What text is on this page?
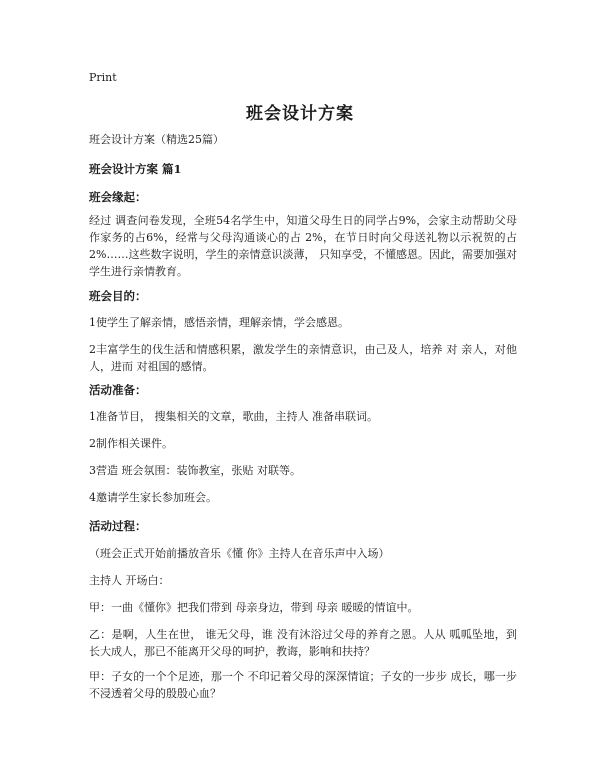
Print
班会设计方案
班会设计方案（精选25篇）
班会设计方案 篇1
班会缘起：
经过 调查问卷发现，全班54名学生中，知道父母生日的同学占9%，会家主动帮助父母作家务的占6%，经常与父母沟通谈心的占 2%，在节日时向父母送礼物以示祝贺的占 2%……这些数字说明，学生的亲情意识淡薄， 只知享受，不懂感恩。因此，需要加强对学生进行亲情教育。
班会目的：
1使学生了解亲情，感悟亲情，理解亲情，学会感恩。
2丰富学生的伐生活和情感积累，激发学生的亲情意识，由己及人，培养 对 亲人，对他人，进而 对祖国的感情。
活动准备：
1准备节目， 搜集相关的文章，歌曲，主持人 准备串联词。
2制作相关课件。
3营造 班会氛围：装饰教室，张贴 对联等。
4邀请学生家长参加班会。
活动过程：
（班会正式开始前播放音乐《懂 你》主持人在音乐声中入场）
主持人 开场白：
甲：一曲《懂你》把我们带到 母亲身边，带到 母亲 暖暖的情谊中。
乙：是啊，人生在世， 谁无父母，谁 没有沐浴过父母的养育之恩。人从 呱呱坠地，到长大成人，那已不能离开父母的呵护，教诲，影响和扶持？
甲：子女的一个个足迹，那一个 不印记着父母的深深情谊；子女的一步步 成长，哪一步不浸透着父母的殷殷心血？
